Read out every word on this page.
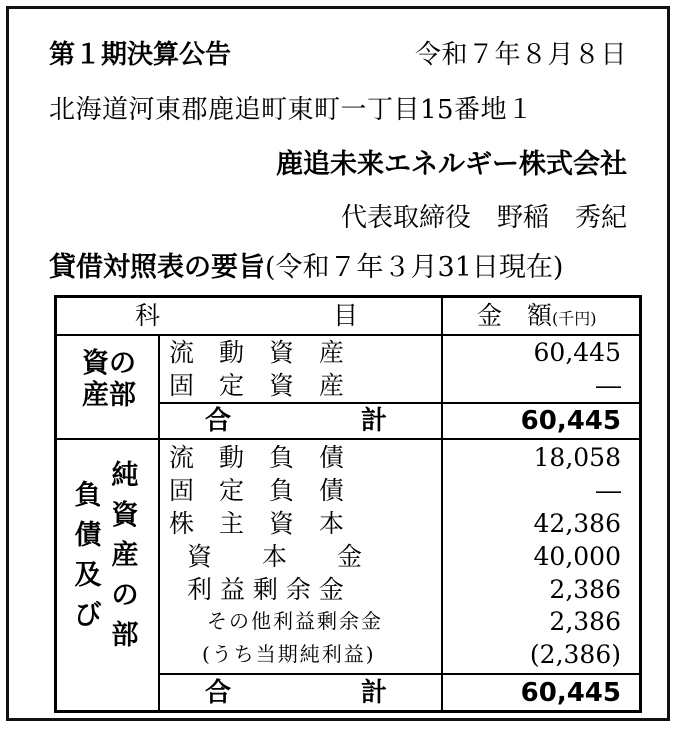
第１期決算公告	令和７年８月８日
北海道河東郡鹿追町東町一丁目15番地１
鹿追未来エネルギー株式会社
代表取締役　野稲　秀紀
貸借対照表の要旨(令和７年３月31日現在)
科	目	金　額(千円)
資の
産部
流　動　資　産	60,445
固　定　資　産	―
合　　　　　計	60,445
負債及び
純資産の部
流　動　負　債	18,058
固　定　負　債	―
株　主　資　本	42,386
資　　本　　金	40,000
利 益 剰 余 金	2,386
その他利益剰余金	2,386
(うち当期純利益)	(2,386)
合　　　　　計	60,445
